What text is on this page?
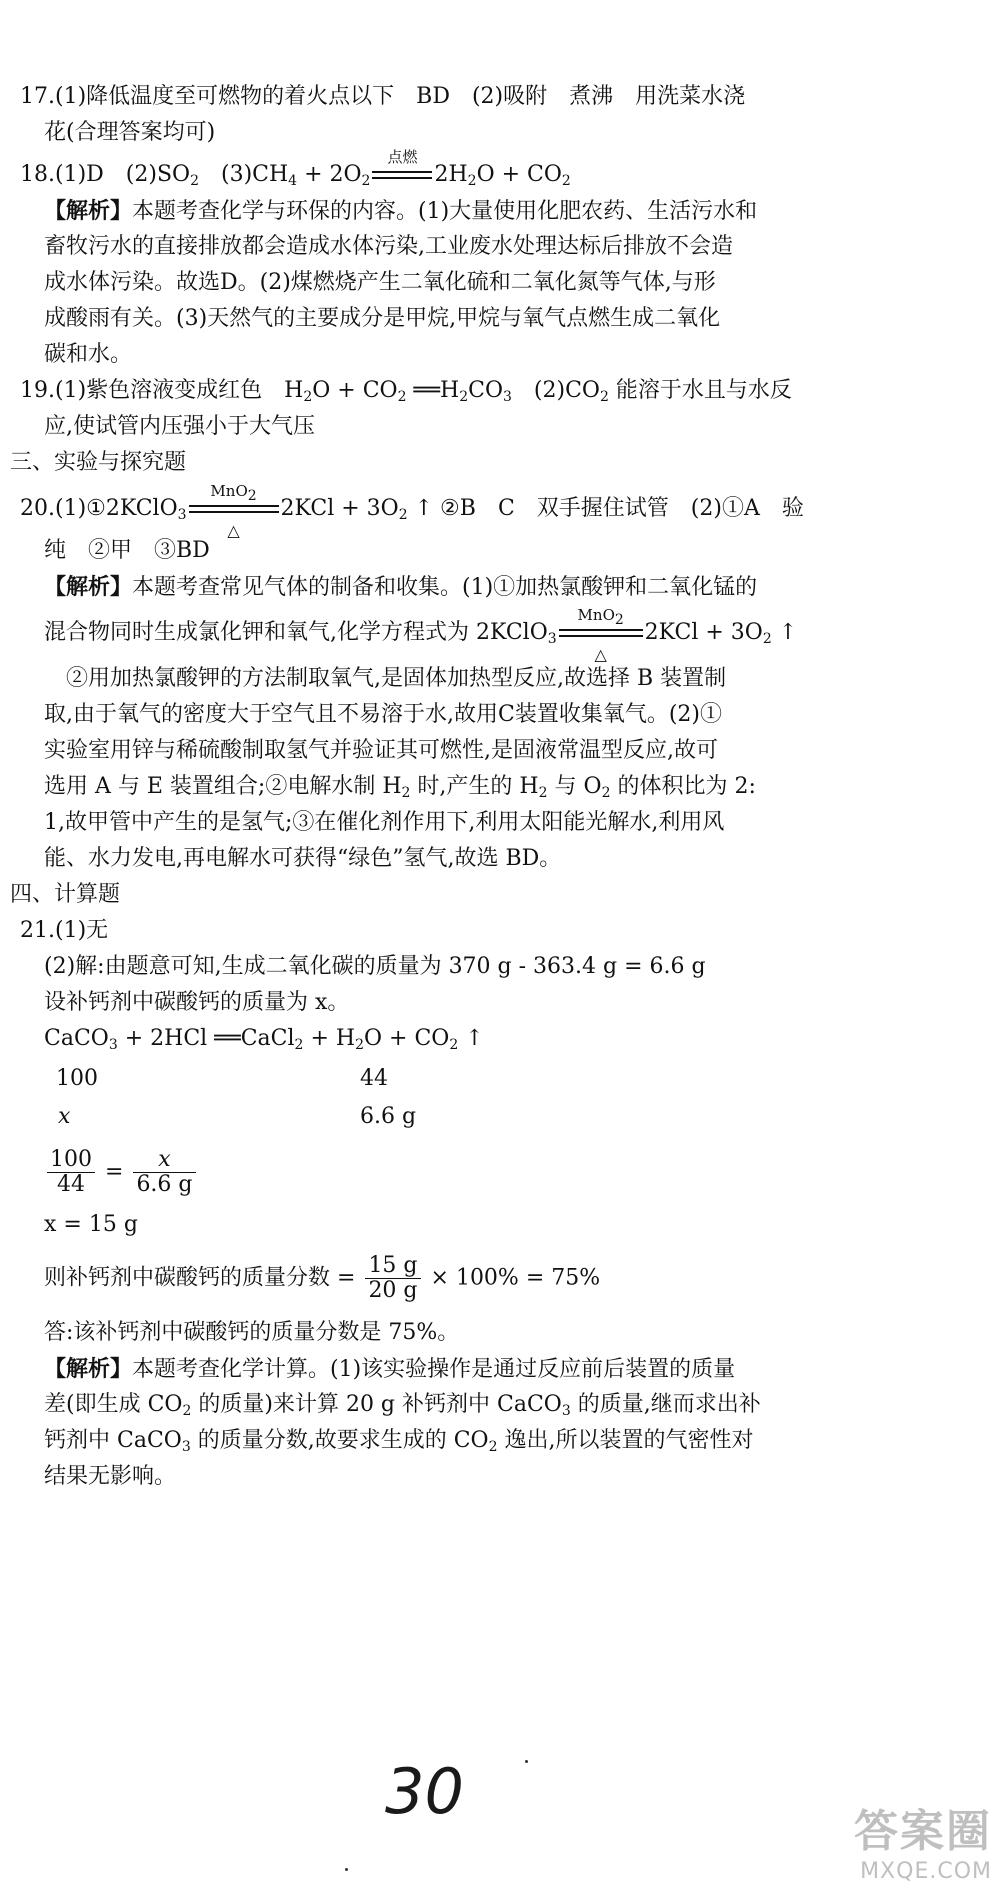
17.(1)降低温度至可燃物的着火点以下　BD　(2)吸附　煮沸　用洗菜水浇
花(合理答案均可)
18.(1)D　$(2)SO_2$　$(3)CH_4 + 2O_2$
点燃
$2H_2O + CO_2$
【解析】本题考查化学与环保的内容。(1)大量使用化肥农药、生活污水和
畜牧污水的直接排放都会造成水体污染,工业废水处理达标后排放不会造
成水体污染。故选D。(2)煤燃烧产生二氧化硫和二氧化氮等气体,与形
成酸雨有关。(3)天然气的主要成分是甲烷,甲烷与氧气点燃生成二氧化
碳和水。
19.(1)紫色溶液变成红色　$H_2O + CO_2$ $══H_2CO_3$　$(2)CO_2$ 能溶于水且与水反
应,使试管内压强小于大气压
三、实验与探究题
20.(1)①2KClO$_3$
MnO$_2$
△
$2KCl + 3O_2$ ↑ ②B　C　双手握住试管　(2)①A　验
纯　②甲　③BD
【解析】本题考查常见气体的制备和收集。(1)①加热氯酸钾和二氧化锰的
混合物同时生成氯化钾和氧气,化学方程式为 2KClO$_3$
MnO$_2$
△
$2KCl + 3O_2$ ↑
　②用加热氯酸钾的方法制取氧气,是固体加热型反应,故选择 B 装置制
取,由于氧气的密度大于空气且不易溶于水,故用C装置收集氧气。(2)①
实验室用锌与稀硫酸制取氢气并验证其可燃性,是固液常温型反应,故可
选用 A 与 E 装置组合;②电解水制 $H_2$ 时,产生的 $H_2$ 与 $O_2$ 的体积比为 2:
1,故甲管中产生的是氢气;③在催化剂作用下,利用太阳能光解水,利用风
能、水力发电,再电解水可获得“绿色”氢气,故选 BD。
四、计算题
21.(1)无
(2)解:由题意可知,生成二氧化碳的质量为 370 g - 363.4 g = 6.6 g
设补钙剂中碳酸钙的质量为 x。
CaCO$_3$ + 2HCl ══CaCl$_2$ + $H_2O + CO_2$ ↑
100	44
x	6.6 g
$\frac{100}{44} = \frac{x}{6.6 g}$
x = 15 g
则补钙剂中碳酸钙的质量分数 = $\frac{15 g}{20 g} \times 100\% = 75\%$
答:该补钙剂中碳酸钙的质量分数是 75%。
【解析】本题考查化学计算。(1)该实验操作是通过反应前后装置的质量
差(即生成 $CO_2$ 的质量)来计算 20 g 补钙剂中 CaCO$_3$ 的质量,继而求出补
钙剂中 CaCO$_3$ 的质量分数,故要求生成的 $CO_2$ 逸出,所以装置的气密性对
结果无影响。
30
答案圈
MXQE.COM
